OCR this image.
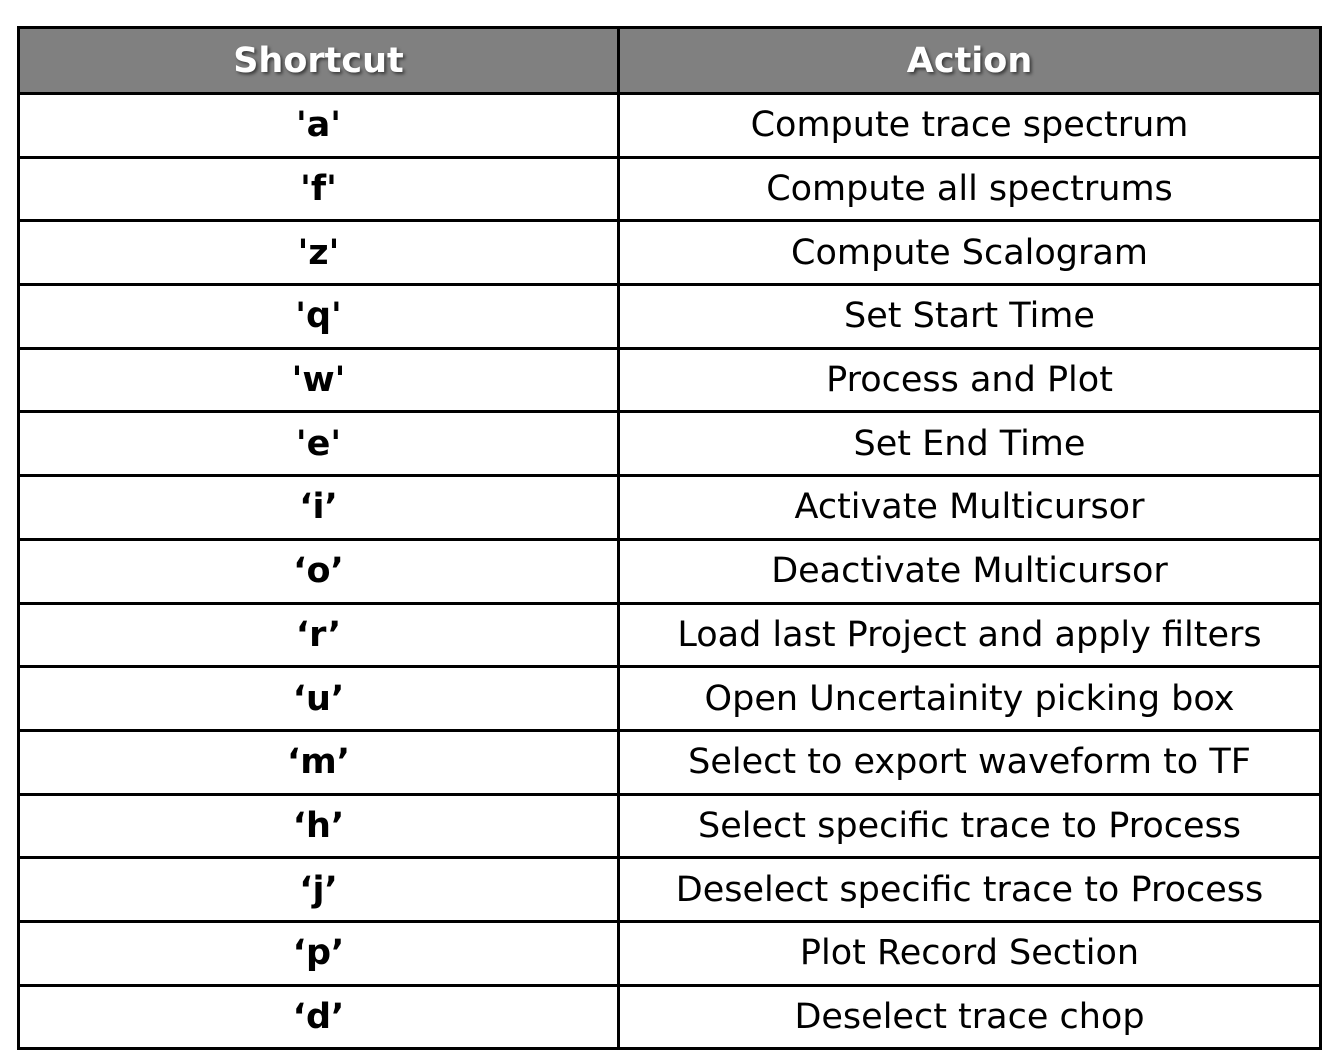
Shortcut	Action
'a'	Compute trace spectrum
'f'	Compute all spectrums
'z'	Compute Scalogram
'q'	Set Start Time
'w'	Process and Plot
'e'	Set End Time
‘i’	Activate Multicursor
‘o’	Deactivate Multicursor
‘r’	Load last Project and apply filters
‘u’	Open Uncertainity picking box
‘m’	Select to export waveform to TF
‘h’	Select specific trace to Process
‘j’	Deselect specific trace to Process
‘p’	Plot Record Section
‘d’	Deselect trace chop
